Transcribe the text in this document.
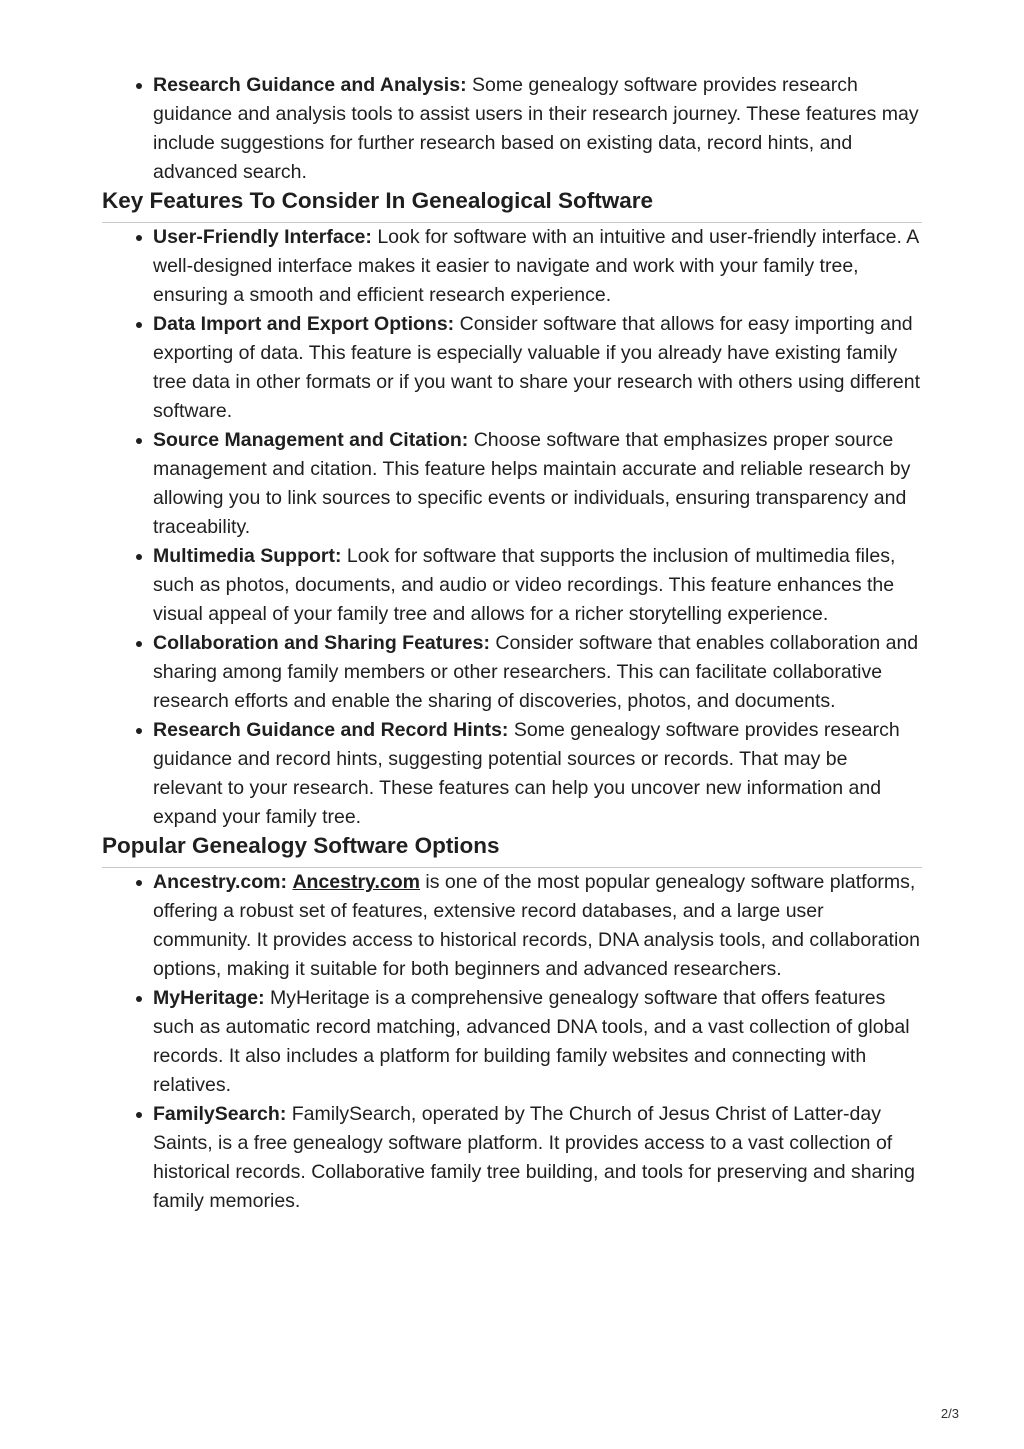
Research Guidance and Analysis: Some genealogy software provides research guidance and analysis tools to assist users in their research journey. These features may include suggestions for further research based on existing data, record hints, and advanced search.
Key Features To Consider In Genealogical Software
User-Friendly Interface: Look for software with an intuitive and user-friendly interface. A well-designed interface makes it easier to navigate and work with your family tree, ensuring a smooth and efficient research experience.
Data Import and Export Options: Consider software that allows for easy importing and exporting of data. This feature is especially valuable if you already have existing family tree data in other formats or if you want to share your research with others using different software.
Source Management and Citation: Choose software that emphasizes proper source management and citation. This feature helps maintain accurate and reliable research by allowing you to link sources to specific events or individuals, ensuring transparency and traceability.
Multimedia Support: Look for software that supports the inclusion of multimedia files, such as photos, documents, and audio or video recordings. This feature enhances the visual appeal of your family tree and allows for a richer storytelling experience.
Collaboration and Sharing Features: Consider software that enables collaboration and sharing among family members or other researchers. This can facilitate collaborative research efforts and enable the sharing of discoveries, photos, and documents.
Research Guidance and Record Hints: Some genealogy software provides research guidance and record hints, suggesting potential sources or records. That may be relevant to your research. These features can help you uncover new information and expand your family tree.
Popular Genealogy Software Options
Ancestry.com: Ancestry.com is one of the most popular genealogy software platforms, offering a robust set of features, extensive record databases, and a large user community. It provides access to historical records, DNA analysis tools, and collaboration options, making it suitable for both beginners and advanced researchers.
MyHeritage: MyHeritage is a comprehensive genealogy software that offers features such as automatic record matching, advanced DNA tools, and a vast collection of global records. It also includes a platform for building family websites and connecting with relatives.
FamilySearch: FamilySearch, operated by The Church of Jesus Christ of Latter-day Saints, is a free genealogy software platform. It provides access to a vast collection of historical records. Collaborative family tree building, and tools for preserving and sharing family memories.
2/3
